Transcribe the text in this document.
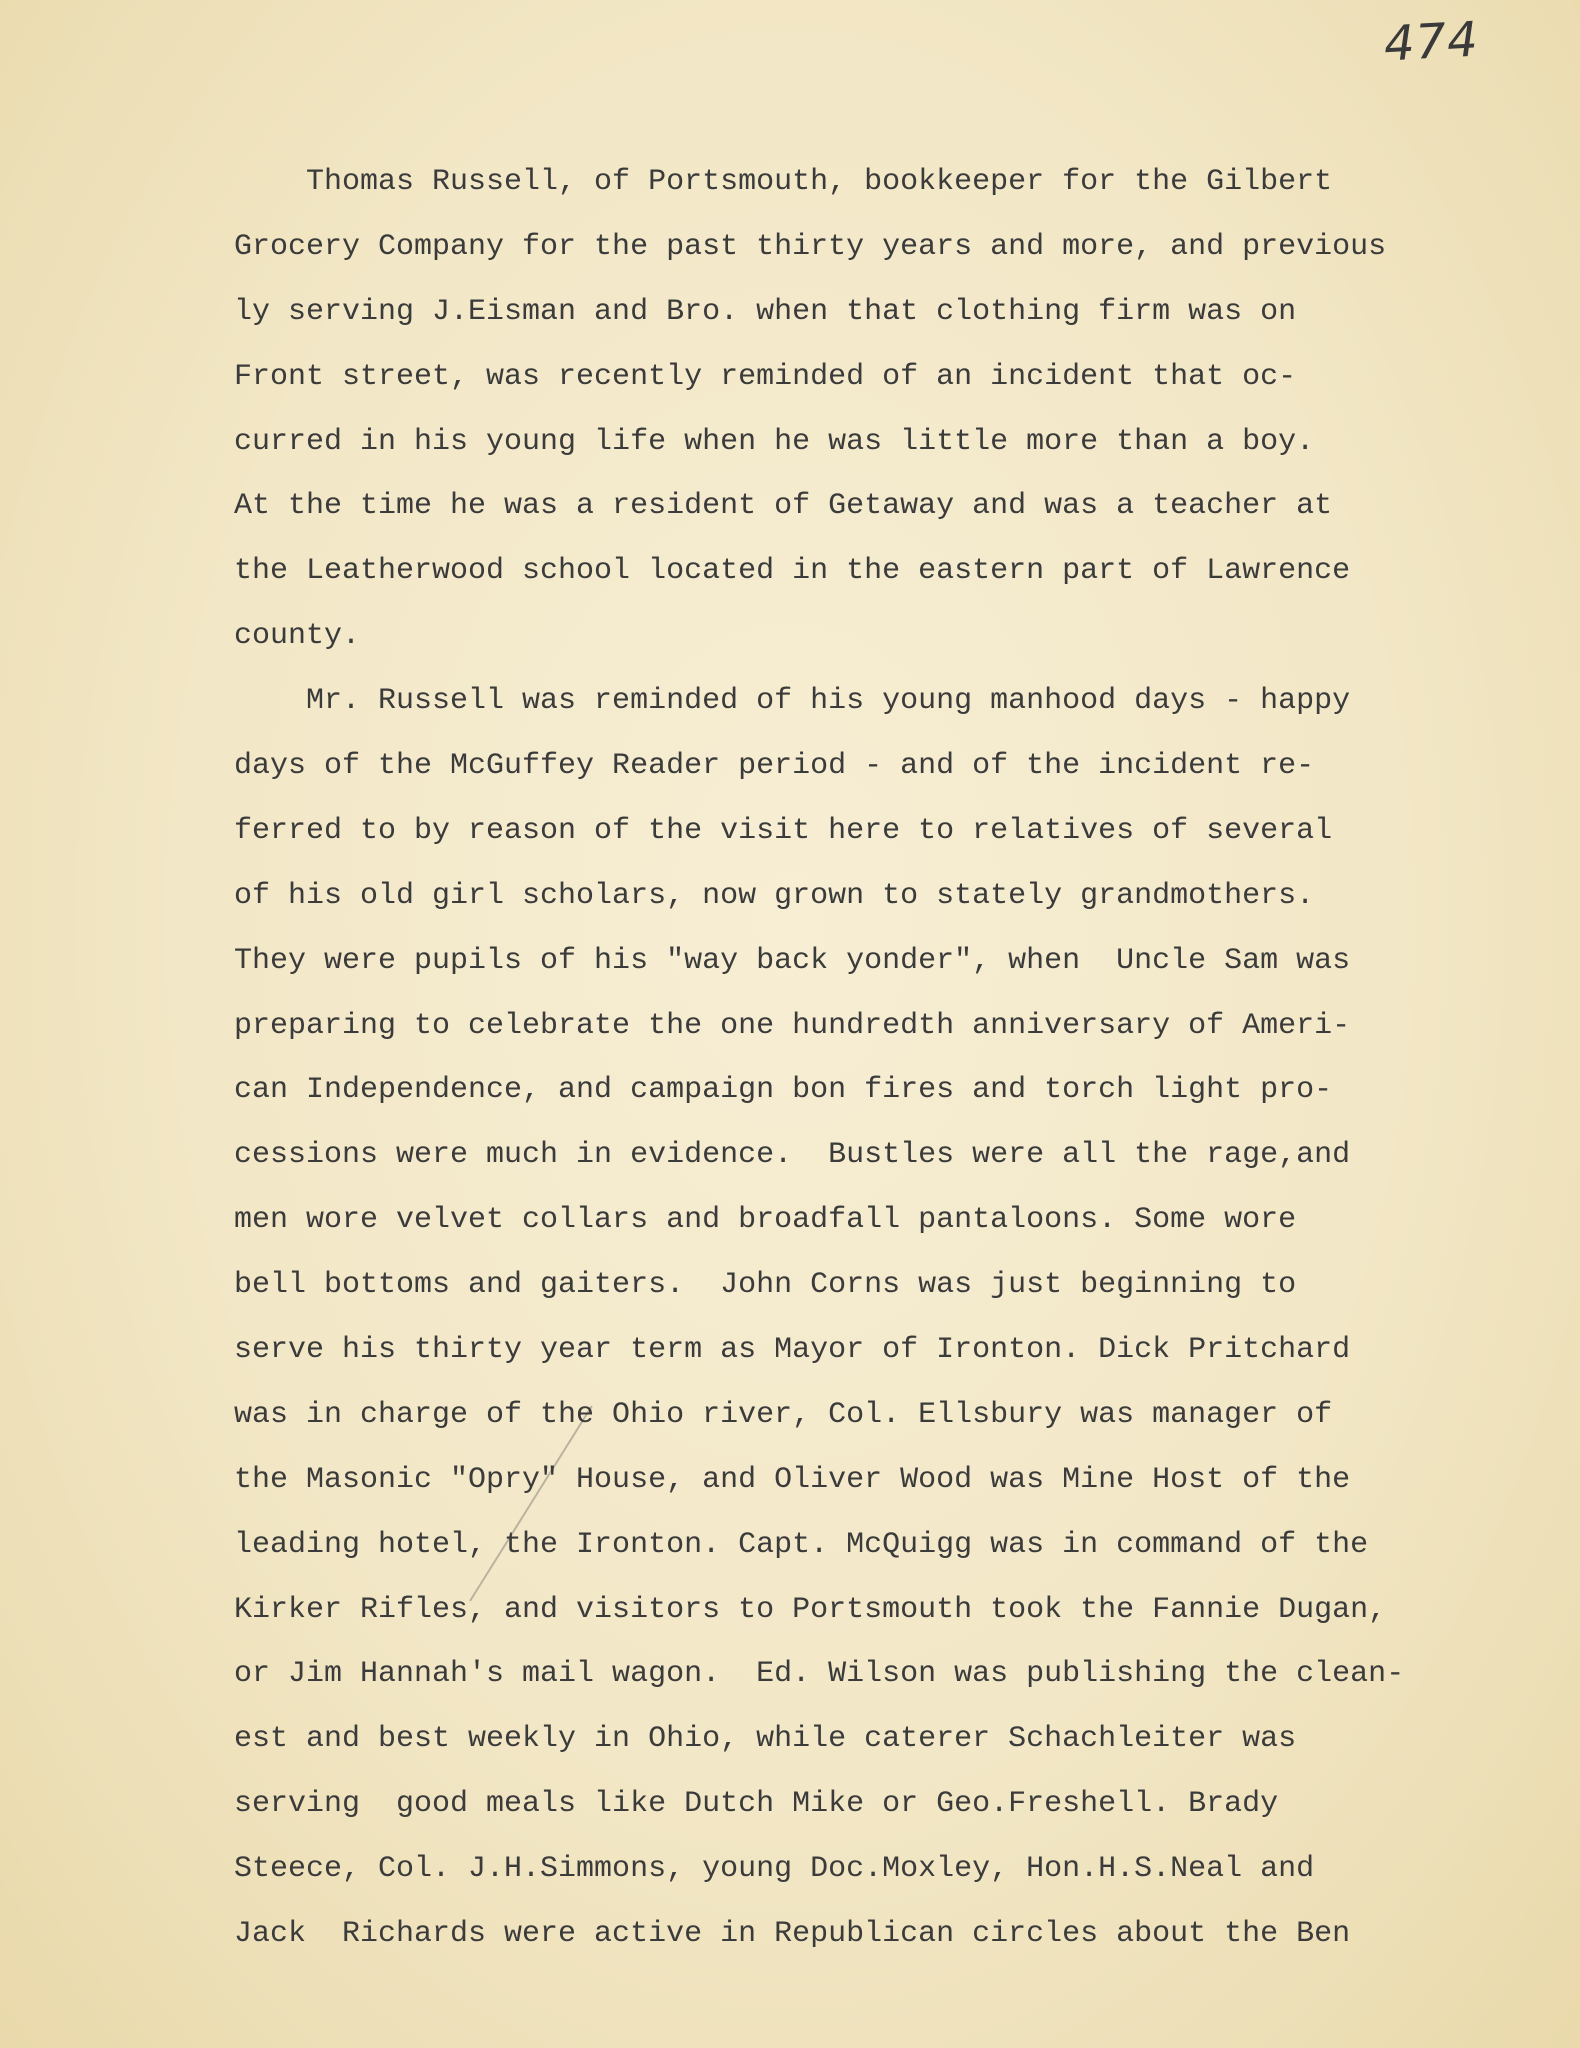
474
Thomas Russell, of Portsmouth, bookkeeper for the Gilbert
Grocery Company for the past thirty years and more, and previous
ly serving J.Eisman and Bro. when that clothing firm was on
Front street, was recently reminded of an incident that oc-
curred in his young life when he was little more than a boy.
At the time he was a resident of Getaway and was a teacher at
the Leatherwood school located in the eastern part of Lawrence
county.
Mr. Russell was reminded of his young manhood days - happy
days of the McGuffey Reader period - and of the incident re-
ferred to by reason of the visit here to relatives of several
of his old girl scholars, now grown to stately grandmothers.
They were pupils of his "way back yonder", when  Uncle Sam was
preparing to celebrate the one hundredth anniversary of Ameri-
can Independence, and campaign bon fires and torch light pro-
cessions were much in evidence.  Bustles were all the rage,and
men wore velvet collars and broadfall pantaloons. Some wore
bell bottoms and gaiters.  John Corns was just beginning to
serve his thirty year term as Mayor of Ironton. Dick Pritchard
was in charge of the Ohio river, Col. Ellsbury was manager of
the Masonic "Opry" House, and Oliver Wood was Mine Host of the
leading hotel, the Ironton. Capt. McQuigg was in command of the
Kirker Rifles, and visitors to Portsmouth took the Fannie Dugan,
or Jim Hannah's mail wagon.  Ed. Wilson was publishing the clean-
est and best weekly in Ohio, while caterer Schachleiter was
serving  good meals like Dutch Mike or Geo.Freshell. Brady
Steece, Col. J.H.Simmons, young Doc.Moxley, Hon.H.S.Neal and
Jack  Richards were active in Republican circles about the Ben
